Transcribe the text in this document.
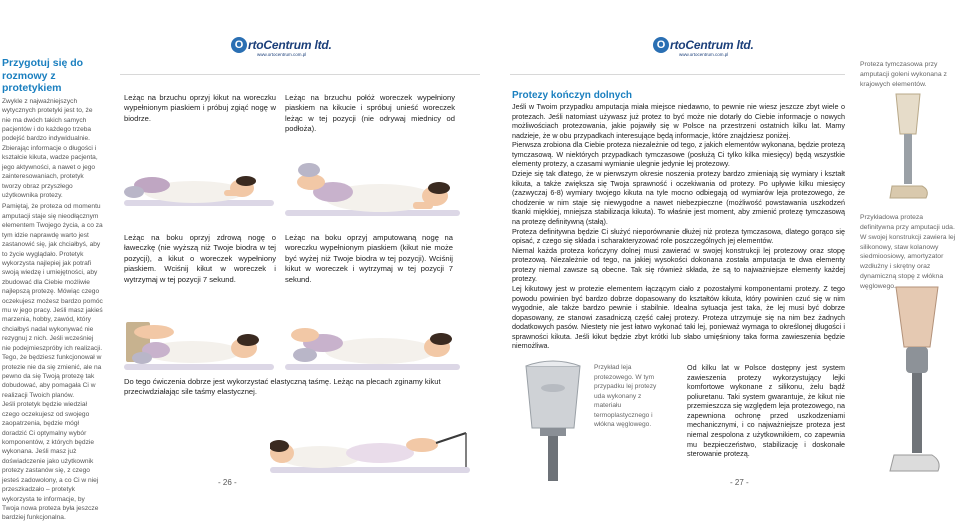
Przygotuj się do rozmowy z protetykiem
Zwykle z najważniejszych wytycznych protetyki jest to, że nie ma dwóch takich samych pacjentów i do każdego trzeba podejść bardzo indywidualnie. Zbierając informacje o długości i kształcie kikuta, wadze pacjenta, jego aktywności, a nawet o jego zainteresowaniach, protetyk tworzy obraz przyszłego użytkownika protezy.
Pamiętaj, że proteza od momentu amputacji staje się nieodłącznym elementem Twojego życia, a co za tym idzie naprawdę warto jest zastanowić się, jak chciałbyś, aby to życie wyglądało. Protetyk wykorzysta najlepiej jak potrafi swoją wiedzę i umiejętności, aby zbudować dla Ciebie możliwie najlepszą protezę. Mówiąc czego oczekujesz możesz bardzo pomóc mu w jego pracy. Jeśli masz jakieś marzenia, hobby, zawód, który chciałbyś nadal wykonywać nie rezygnuj z nich. Jeśli wcześniej nie podejmieszpróby ich realizacji. Tego, że będziesz funkcjonował w protezie nie da się zmienić, ale na pewno da się Twoją protezę tak dobudować, aby pomagała Ci w realizacji Twoich planów.
Jeśli protetyk będzie wiedział czego oczekujesz od swojego zaopatrzenia, będzie mógł doradzić Ci optymalny wybór komponentów, z których będzie wykonana. Jeśli masz już doświadczenie jako użytkownik protezy zastanów się, z czego jesteś zadowolony, a co Ci w niej przeszkadzało – protetyk wykorzysta te informacje, by Twoja nowa proteza była jeszcze bardziej funkcjonalna.
O rtoCentrum ltd.
www.ortocentrum.com.pl
Leżąc na brzuchu oprzyj kikut na woreczku wypełnionym piaskiem i próbuj zgiąć nogę w biodrze.
Leżąc na brzuchu połóż woreczek wypełniony piaskiem na kikucie i spróbuj unieść woreczek leżąc w tej pozycji (nie odrywaj miednicy od podłoża).
Leżąc na boku oprzyj zdrową nogę o ławeczkę (nie wyższą niż Twoje biodra w tej pozycji), a kikut o woreczek wypełniony piaskiem. Wciśnij kikut w woreczek i wytrzymaj w tej pozycji 7 sekund.
Leżąc na boku oprzyj amputowaną nogę na woreczku wypełnionym piaskiem (kikut nie może być wyżej niż Twoje biodra w tej pozycji). Wciśnij kikut w woreczek i wytrzymaj w tej pozycji 7 sekund.
Do tego ćwiczenia dobrze jest wykorzystać elastyczną taśmę. Leżąc na plecach zginamy kikut przeciwdziałając sile taśmy elastycznej.
- 26 -
O rtoCentrum ltd.
www.ortocentrum.com.pl
Protezy kończyn dolnych
Jeśli w Twoim przypadku amputacja miała miejsce niedawno, to pewnie nie wiesz jeszcze zbyt wiele o protezach. Jeśli natomiast używasz już protez to być może nie dotarły do Ciebie informacje o nowych możliwościach protezowania, jakie pojawiły się w Polsce na przestrzeni ostatnich kilku lat. Mamy nadzieje, że w obu przypadkach interesujące będą informacje, które znajdziesz poniżej.
Pierwsza zrobiona dla Ciebie proteza niezależnie od tego, z jakich elementów wykonana, będzie protezą tymczasową. W niektórych przypadkach tymczasowe (posłużą Ci tylko kilka miesięcy) będą wszystkie elementy protezy, a czasami wymianie ulegnie jedynie lej protezowy.
Dzieje się tak dlatego, że w pierwszym okresie noszenia protezy bardzo zmieniają się wymiary i kształt kikuta, a także zwiększa się Twoja sprawność i oczekiwania od protezy. Po upływie kilku miesięcy (zazwyczaj 6-8) wymiary twojego kikuta na tyle mocno odbiegają od wymiarów leja protezowego, że chodzenie w nim staje się niewygodne a nawet niebezpieczne (możliwość powstawania uszkodzeń tkanki miękkiej, mniejsza stabilizacja kikuta). To właśnie jest moment, aby zmienić protezę tymczasową na protezę definitywną (stałą).
Proteza definitywna będzie Ci służyć nieporównanie dłużej niż proteza tymczasowa, dlatego gorąco się opisać, z czego się składa i scharakteryzować role poszczególnych jej elementów.
Niemal każda proteza kończyny dolnej musi zawierać w swojej konstrukcji lej protezowy oraz stopę protezową. Niezależnie od tego, na jakiej wysokości dokonana została amputacja te dwa elementy protezy niemal zawsze są obecne. Tak się również składa, że są to najważniejsze elementy każdej protezy.
Lej kikutowy jest w protezie elementem łączącym ciało z pozostałymi komponentami protezy. Z tego powodu powinien być bardzo dobrze dopasowany do kształtów kikuta, który powinien czuć się w nim wygodnie, ale także bardzo pewnie i stabilnie. Idealna sytuacja jest taka, że lej musi być dobrze dopasowany, ze stanowi zasadniczą część całej protezy. Proteza utrzymuje się na nim bez żadnych dodatkowych pasów. Niestety nie jest łatwo wykonać taki lej, ponieważ wymaga to określonej długości i sprawności kikuta. Jeśli kikut będzie zbyt krótki lub słabo umięśniony taka forma zawieszenia będzie niemożliwa.
Przykład leja protezowego. W tym przypadku lej protezy uda wykonany z materiału termoplastycznego i włókna węglowego.
Od kilku lat w Polsce dostępny jest system zawieszenia protezy wykorzystujący lejki komfortowe wykonane z silikonu, żelu bądź poliuretanu. Taki system gwarantuje, że kikut nie przemieszcza się względem leja protezowego, na zapewniona ochronę przed uszkodzeniami mechanicznymi, i co najważniejsze proteza jest niemal zespolona z użytkownikiem, co zapewnia mu bezpieczeństwo, stabilizację i doskonałe sterowanie protezą.
- 27 -
Proteza tymczasowa przy amputacji goleni wykonana z krajowych elementów.
Przykładowa proteza definitywna przy amputacji uda. W swojej konstrukcji zawiera lej silikonowy, staw kolanowy siedmioosiowy, amortyzator wzdłużny i skrętny oraz dynamiczną stopę z włókna węglowego.
